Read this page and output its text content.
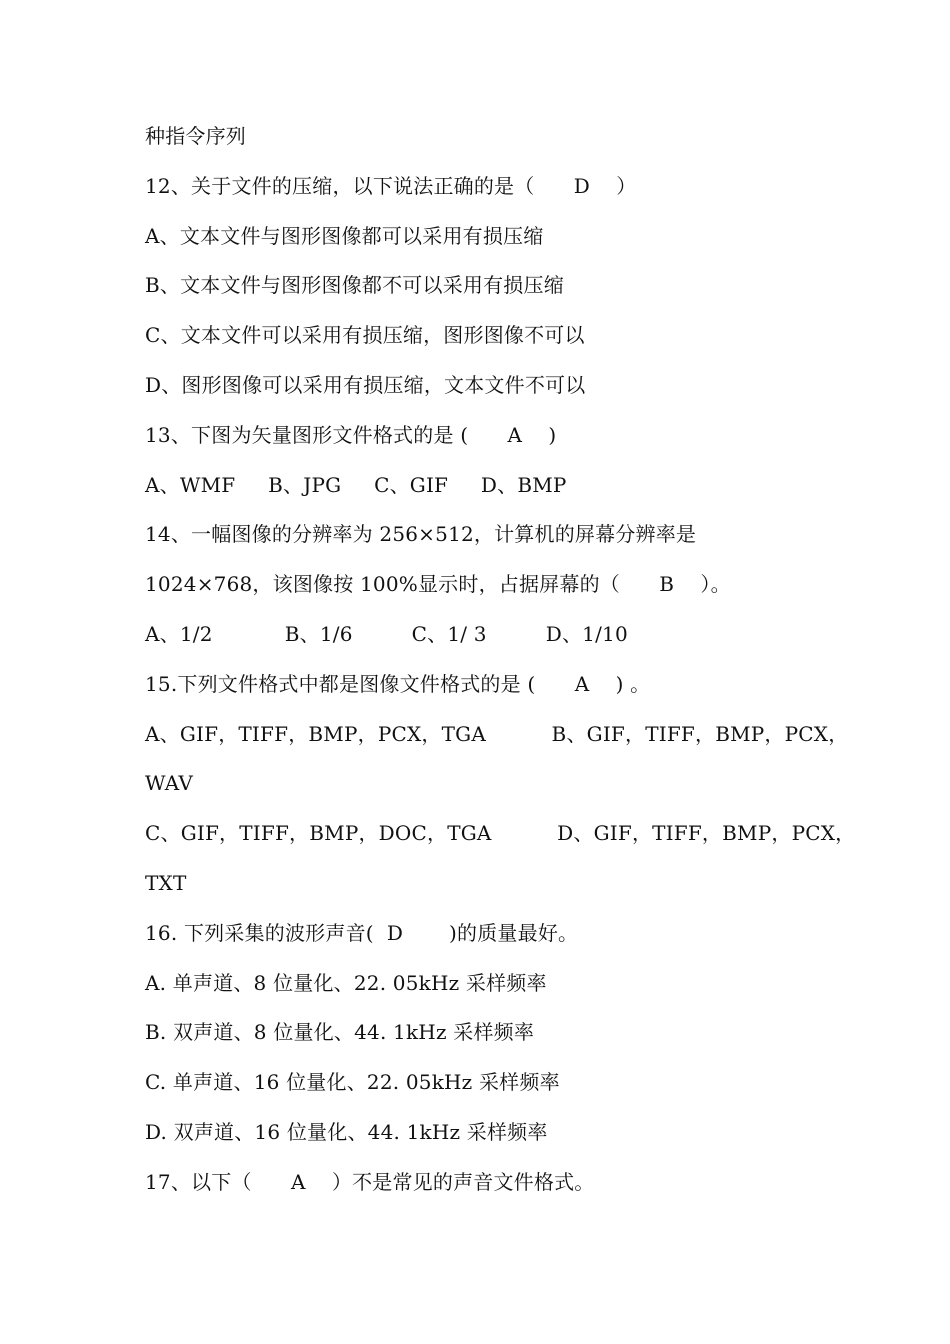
种指令序列
12、关于文件的压缩，以下说法正确的是（      D    ）
A、文本文件与图形图像都可以采用有损压缩
B、文本文件与图形图像都不可以采用有损压缩
C、文本文件可以采用有损压缩，图形图像不可以
D、图形图像可以采用有损压缩，文本文件不可以
13、下图为矢量图形文件格式的是 (      A    )
A、WMF     B、JPG     C、GIF     D、BMP
14、一幅图像的分辨率为 256×512，计算机的屏幕分辨率是
1024×768，该图像按 100%显示时，占据屏幕的（      B    ）。
A、1/2           B、1/6         C、1/ 3         D、1/10
15.下列文件格式中都是图像文件格式的是 (      A    ) 。
A、GIF，TIFF，BMP，PCX，TGA          B、GIF，TIFF，BMP，PCX，
WAV
C、GIF，TIFF，BMP，DOC，TGA          D、GIF，TIFF，BMP，PCX，
TXT
16. 下列采集的波形声音(  D       )的质量最好。
A. 单声道、8 位量化、22. 05kHz 采样频率
B. 双声道、8 位量化、44. 1kHz 采样频率
C. 单声道、16 位量化、22. 05kHz 采样频率
D. 双声道、16 位量化、44. 1kHz 采样频率
17、以下（      A    ）不是常见的声音文件格式。
